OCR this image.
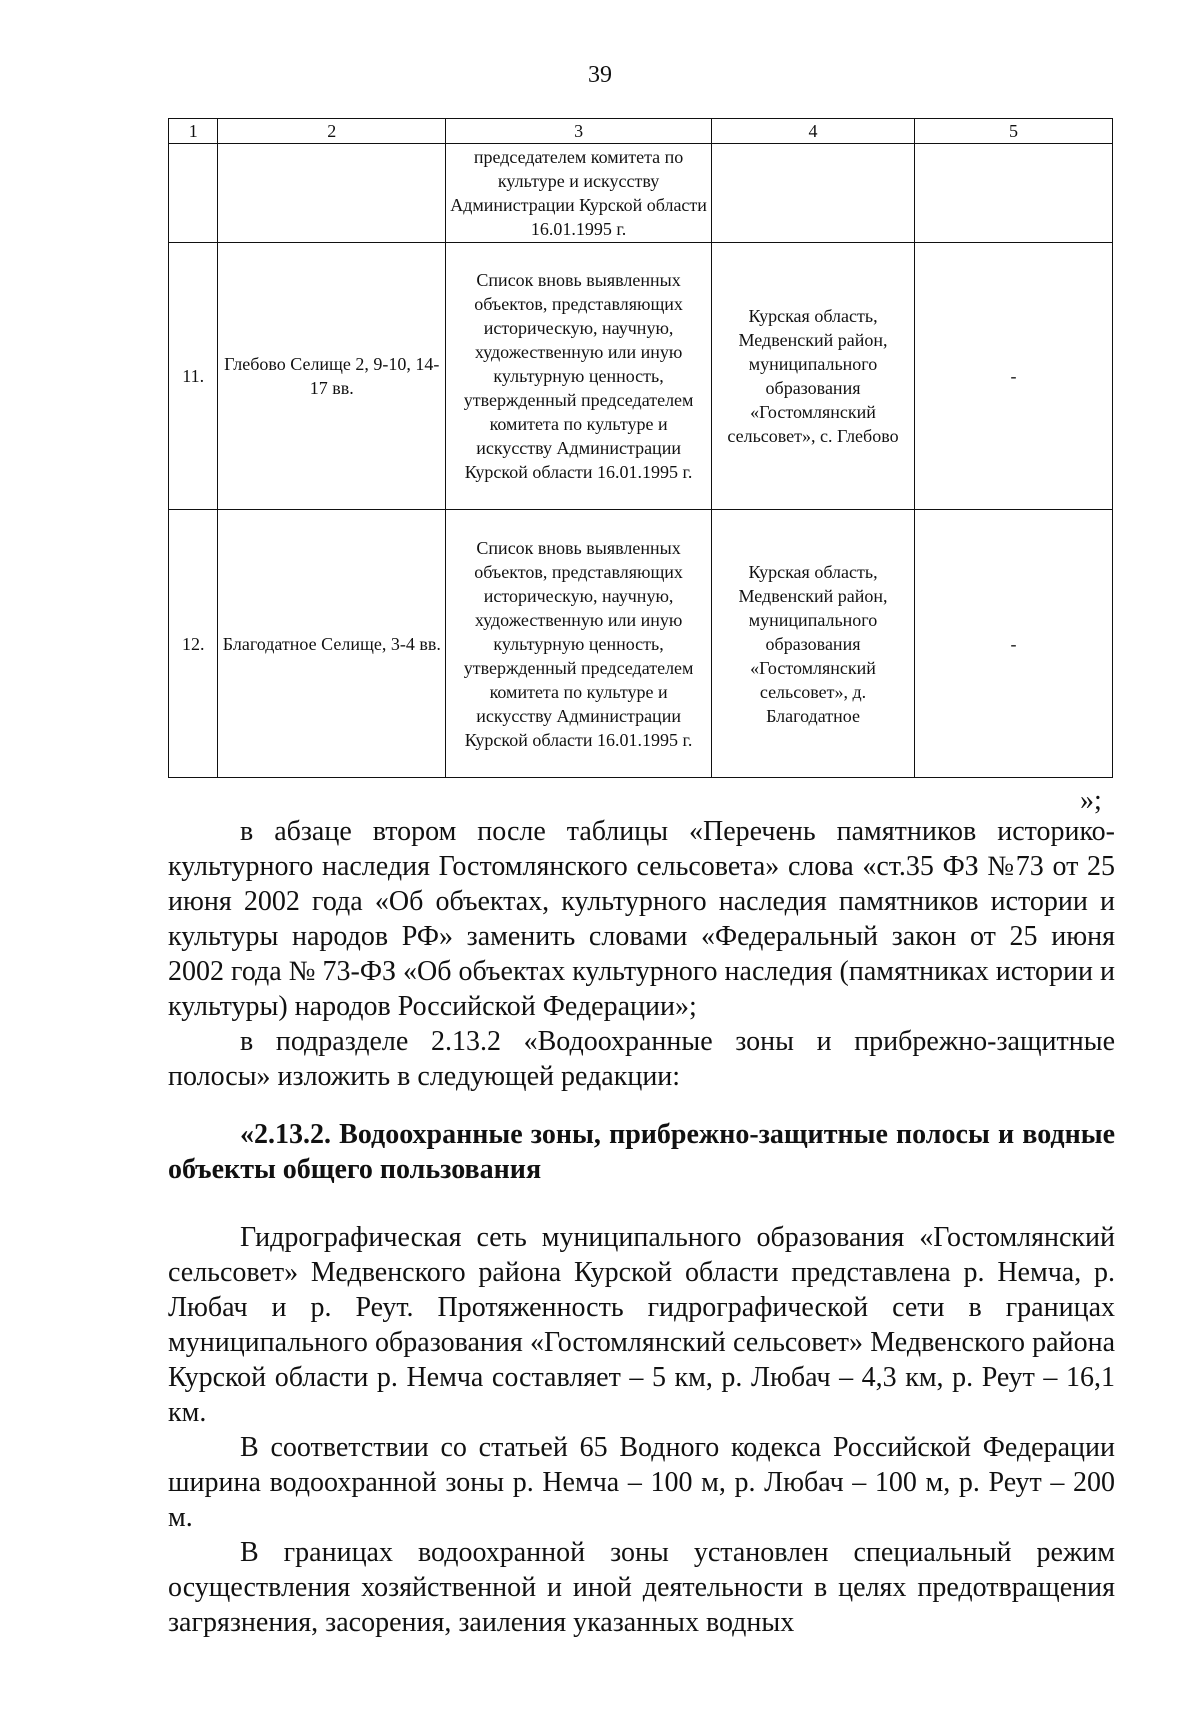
39
1	2	3	4	5
		председателем комитета по культуре и искусству Администрации Курской области 16.01.1995 г.		
11.	Глебово Селище 2, 9-10, 14-17 вв.	Список вновь выявленных объектов, представляющих историческую, научную, художественную или иную культурную ценность, утвержденный председателем комитета по культуре и искусству Администрации Курской области 16.01.1995 г.	Курская область, Медвенский район, муниципального образования «Гостомлянский сельсовет», с. Глебово	-
12.	Благодатное Селище, 3-4 вв.	Список вновь выявленных объектов, представляющих историческую, научную, художественную или иную культурную ценность, утвержденный председателем комитета по культуре и искусству Администрации Курской области 16.01.1995 г.	Курская область, Медвенский район, муниципального образования «Гостомлянский сельсовет», д. Благодатное	-
»;

в абзаце втором после таблицы «Перечень памятников историко-культурного наследия Гостомлянского сельсовета» слова «ст.35 ФЗ №73 от 25 июня 2002 года «Об объектах, культурного наследия памятников истории и культуры народов РФ» заменить словами «Федеральный закон от 25 июня 2002 года № 73-ФЗ «Об объектах культурного наследия (памятниках истории и культуры) народов Российской Федерации»;

в подразделе 2.13.2 «Водоохранные зоны и прибрежно-защитные полосы» изложить в следующей редакции:

«2.13.2. Водоохранные зоны, прибрежно-защитные полосы и водные объекты общего пользования

Гидрографическая сеть муниципального образования «Гостомлянский сельсовет» Медвенского района Курской области представлена р. Немча, р. Любач и р. Реут. Протяженность гидрографической сети в границах муниципального образования «Гостомлянский сельсовет» Медвенского района Курской области р. Немча составляет – 5 км, р. Любач – 4,3 км, р. Реут – 16,1 км.

В соответствии со статьей 65 Водного кодекса Российской Федерации ширина водоохранной зоны р. Немча – 100 м, р. Любач – 100 м, р. Реут – 200 м.

В границах водоохранной зоны установлен специальный режим осуществления хозяйственной и иной деятельности в целях предотвращения загрязнения, засорения, заиления указанных водных
